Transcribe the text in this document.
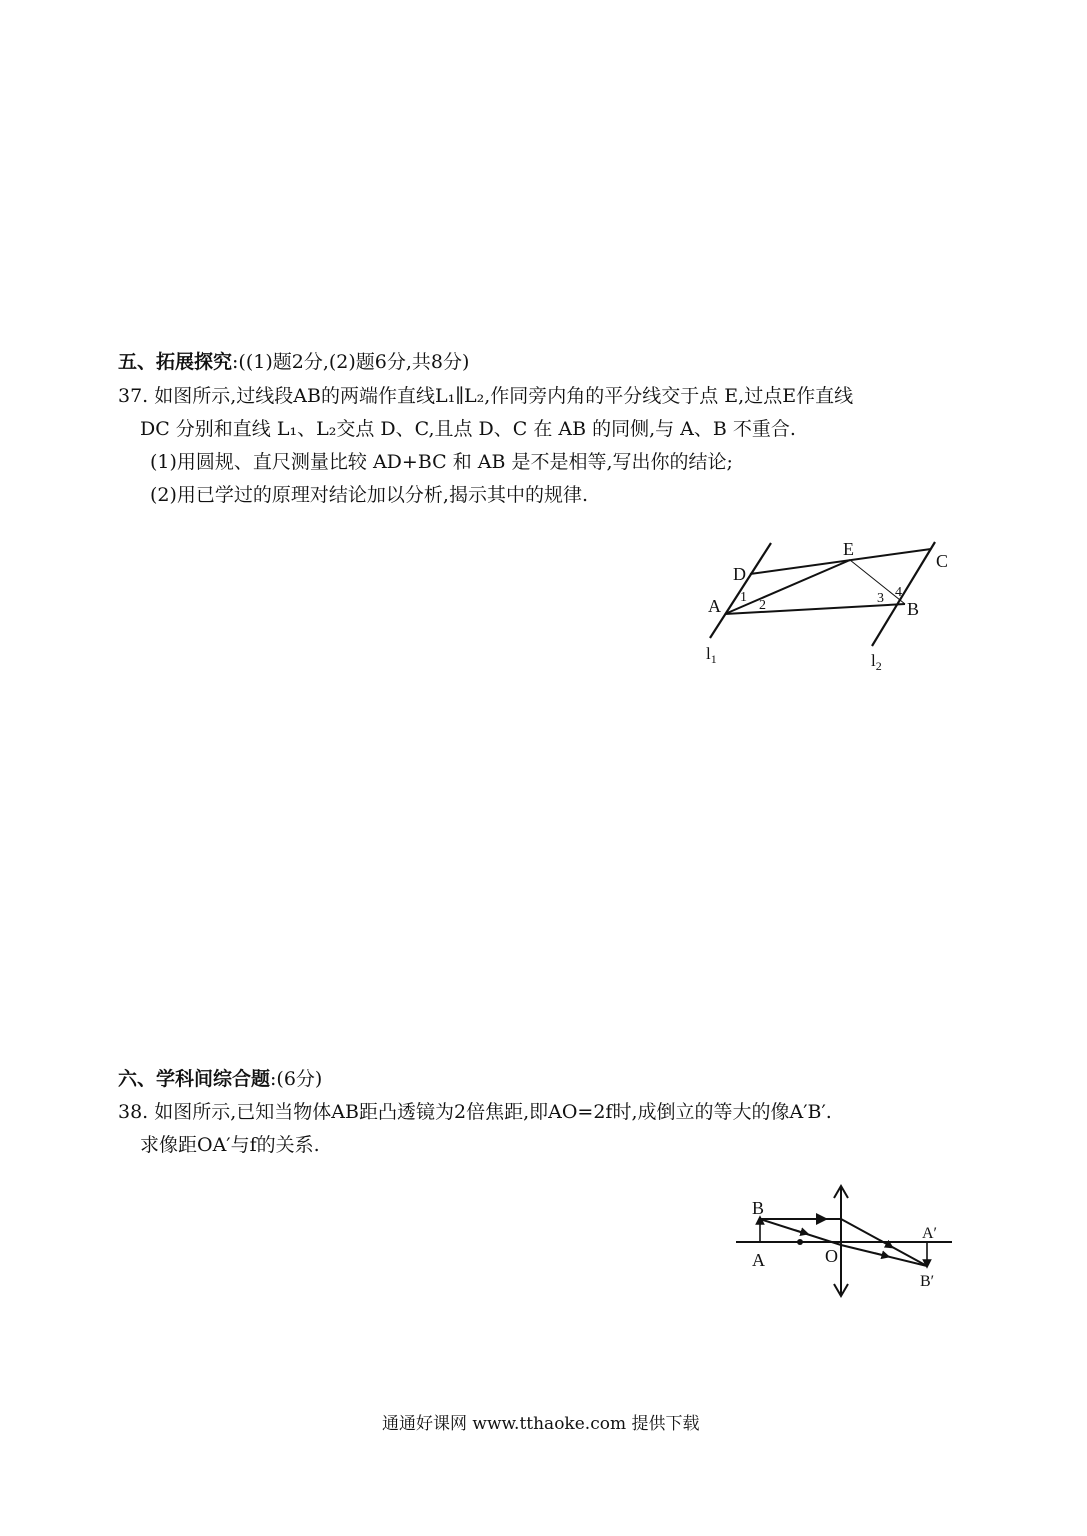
五、拓展探究:((1)题2分,(2)题6分,共8分)
37. 如图所示,过线段AB的两端作直线L₁∥L₂,作同旁内角的平分线交于点 E,过点E作直线
DC 分别和直线 L₁、L₂交点 D、C,且点 D、C 在 AB 的同侧,与 A、B 不重合.
(1)用圆规、直尺测量比较 AD+BC 和 AB 是不是相等,写出你的结论;
(2)用已学过的原理对结论加以分析,揭示其中的规律.
D
E
C
A	B
1
2	3 4
$l_1$	$l_2$
六、学科间综合题:(6分)
38. 如图所示,已知当物体AB距凸透镜为2倍焦距,即AO=2f时,成倒立的等大的像A′B′.
求像距OA′与f的关系.
B
A	O
A′
B′
通通好课网 www.tthaoke.com 提供下载
